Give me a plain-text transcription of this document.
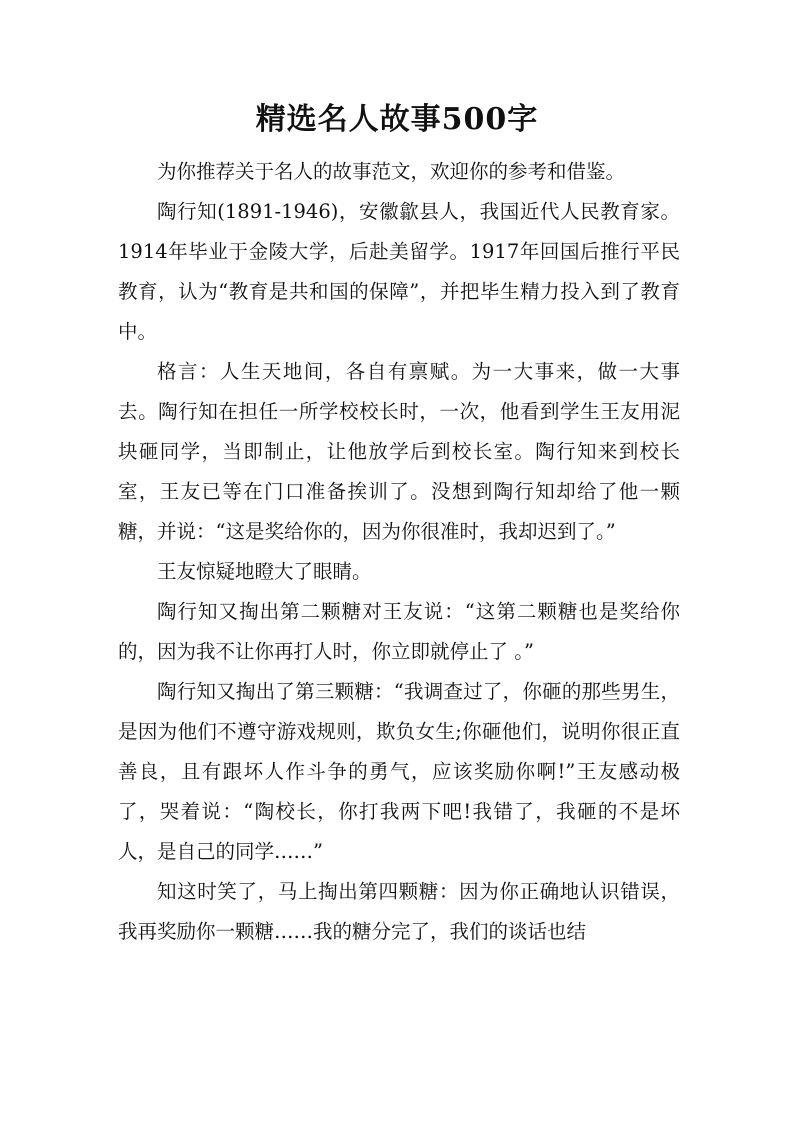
精选名人故事500字

为你推荐关于名人的故事范文，欢迎你的参考和借鉴。

陶行知(1891-1946)，安徽歙县人，我国近代人民教育家。1914年毕业于金陵大学，后赴美留学。1917年回国后推行平民教育，认为“教育是共和国的保障”，并把毕生精力投入到了教育中。

格言：人生天地间，各自有禀赋。为一大事来，做一大事去。陶行知在担任一所学校校长时，一次，他看到学生王友用泥块砸同学，当即制止，让他放学后到校长室。陶行知来到校长室，王友已等在门口准备挨训了。没想到陶行知却给了他一颗糖，并说：“这是奖给你的，因为你很准时，我却迟到了。”

王友惊疑地瞪大了眼睛。

陶行知又掏出第二颗糖对王友说：“这第二颗糖也是奖给你的，因为我不让你再打人时，你立即就停止了 。”

陶行知又掏出了第三颗糖：“我调查过了，你砸的那些男生，是因为他们不遵守游戏规则，欺负女生;你砸他们，说明你很正直善良，且有跟坏人作斗争的勇气，应该奖励你啊!”王友感动极了，哭着说：“陶校长，你打我两下吧!我错了，我砸的不是坏人，是自己的同学……”

知这时笑了，马上掏出第四颗糖：因为你正确地认识错误，我再奖励你一颗糖……我的糖分完了，我们的谈话也结
